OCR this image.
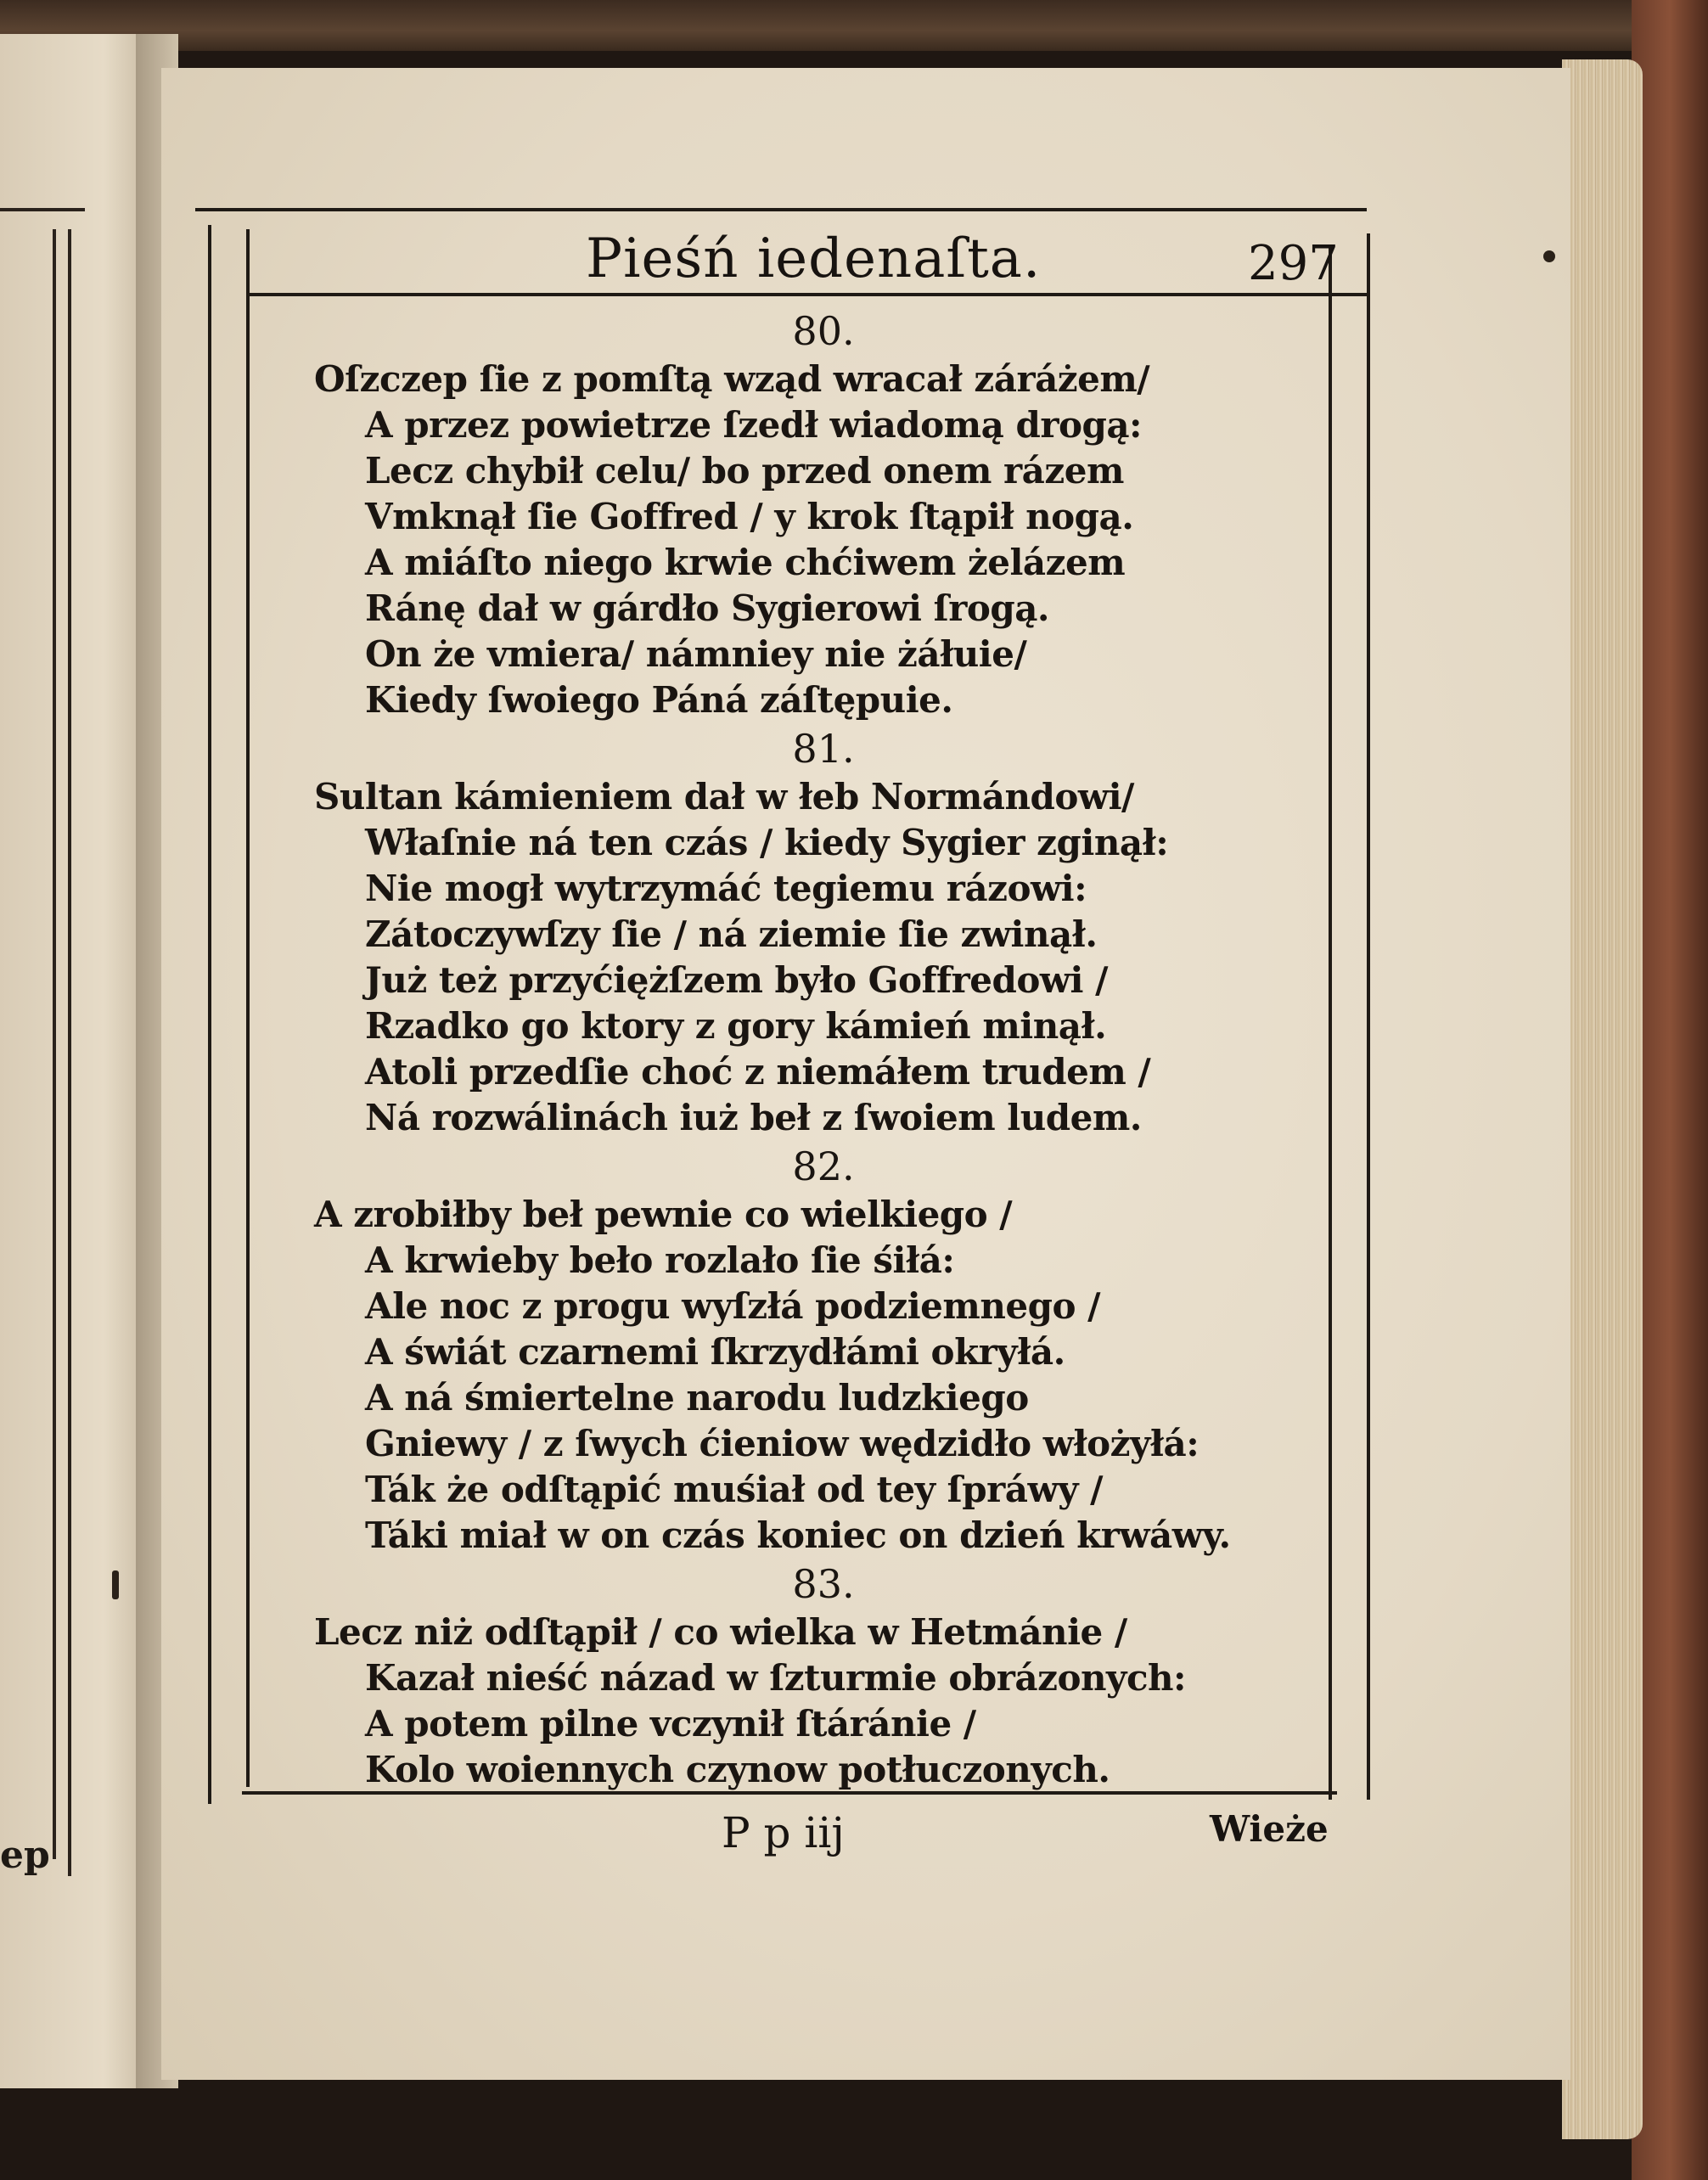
ep
Pieśń iedenaſta.	297
80.
Oſzczep ſie z pomſtą wząd wracał záráżem/
A przez powietrze ſzedł wiadomą drogą:
Lecz chybił celu/ bo przed onem rázem
Vmknął ſie Goffred / y krok ſtąpił nogą.
A miáſto niego krwie chćiwem żelázem
Ránę dał w gárdło Sygierowi ſrogą.
On że vmiera/ námniey nie żáłuie/
Kiedy ſwoiego Páná záſtępuie.
81.
Sultan kámieniem dał w łeb Normándowi/
Właſnie ná ten czás / kiedy Sygier zginął:
Nie mogł wytrzymáć tegiemu rázowi:
Zátoczywſzy ſie / ná ziemie ſie zwinął.
Już też przyćiężſzem było Goffredowi /
Rzadko go ktory z gory kámień minął.
Atoli przedſie choć z niemáłem trudem /
Ná rozwálinách iuż beł z ſwoiem ludem.
82.
A zrobiłby beł pewnie co wielkiego /
A krwieby beło rozlało ſie śiłá:
Ale noc z progu wyſzłá podziemnego /
A świát czarnemi ſkrzydłámi okryłá.
A ná śmiertelne narodu ludzkiego
Gniewy / z ſwych ćieniow wędzidło włożyłá:
Ták że odſtąpić muśiał od tey ſpráwy /
Táki miał w on czás koniec on dzień krwáwy.
83.
Lecz niż odſtąpił / co wielka w Hetmánie /
Kazał nieść názad w ſzturmie obrázonych:
A potem pilne vczynił ſtáránie /
Kolo woiennych czynow potłuczonych.
P p iij	Wieże
